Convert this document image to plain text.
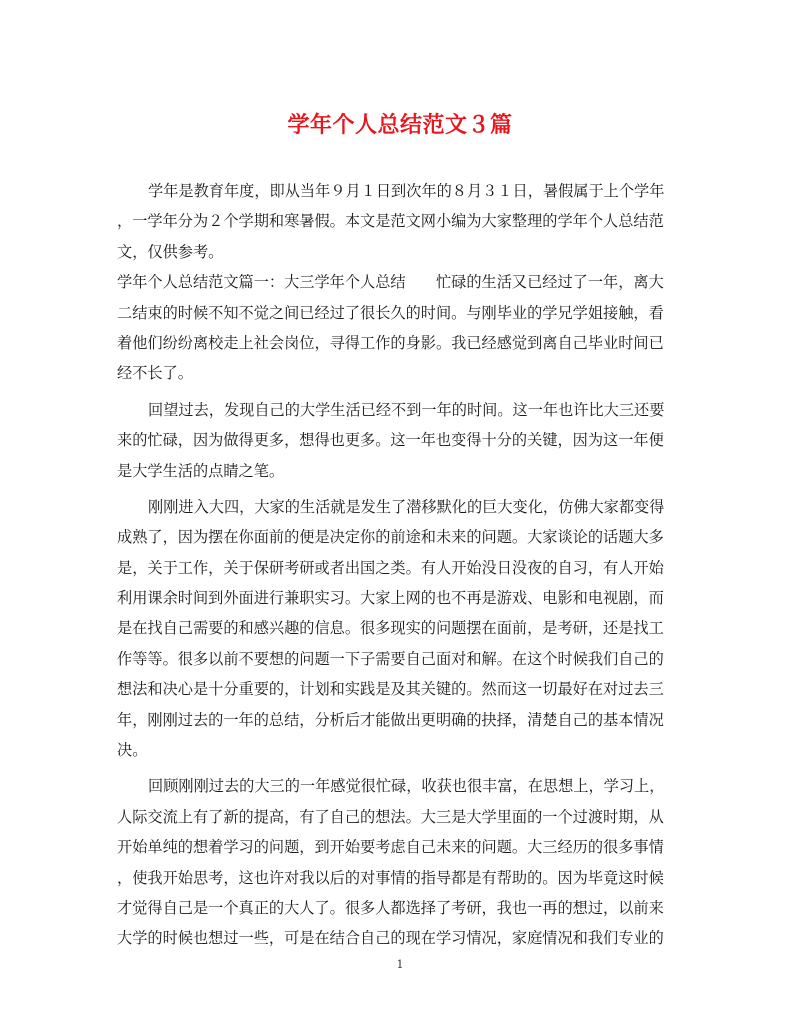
学年个人总结范文３篇
学年是教育年度，即从当年９月１日到次年的８月３１日，暑假属于上个学年
，一学年分为２个学期和寒暑假。本文是范文网小编为大家整理的学年个人总结范
文，仅供参考。
学年个人总结范文篇一：大三学年个人总结　　忙碌的生活又已经过了一年，离大
二结束的时候不知不觉之间已经过了很长久的时间。与刚毕业的学兄学姐接触，看
着他们纷纷离校走上社会岗位，寻得工作的身影。我已经感觉到离自己毕业时间已
经不长了。
回望过去，发现自己的大学生活已经不到一年的时间。这一年也许比大三还要
来的忙碌，因为做得更多，想得也更多。这一年也变得十分的关键，因为这一年便
是大学生活的点睛之笔。
刚刚进入大四，大家的生活就是发生了潜移默化的巨大变化，仿佛大家都变得
成熟了，因为摆在你面前的便是决定你的前途和未来的问题。大家谈论的话题大多
是，关于工作，关于保研考研或者出国之类。有人开始没日没夜的自习，有人开始
利用课余时间到外面进行兼职实习。大家上网的也不再是游戏、电影和电视剧，而
是在找自己需要的和感兴趣的信息。很多现实的问题摆在面前，是考研，还是找工
作等等。很多以前不要想的问题一下子需要自己面对和解。在这个时候我们自己的
想法和决心是十分重要的，计划和实践是及其关键的。然而这一切最好在对过去三
年，刚刚过去的一年的总结，分析后才能做出更明确的抉择，清楚自己的基本情况
决。
回顾刚刚过去的大三的一年感觉很忙碌，收获也很丰富，在思想上，学习上，
人际交流上有了新的提高，有了自己的想法。大三是大学里面的一个过渡时期，从
开始单纯的想着学习的问题，到开始要考虑自己未来的问题。大三经历的很多事情
，使我开始思考，这也许对我以后的对事情的指导都是有帮助的。因为毕竟这时候
才觉得自己是一个真正的大人了。很多人都选择了考研，我也一再的想过，以前来
大学的时候也想过一些，可是在结合自己的现在学习情况，家庭情况和我们专业的
1
